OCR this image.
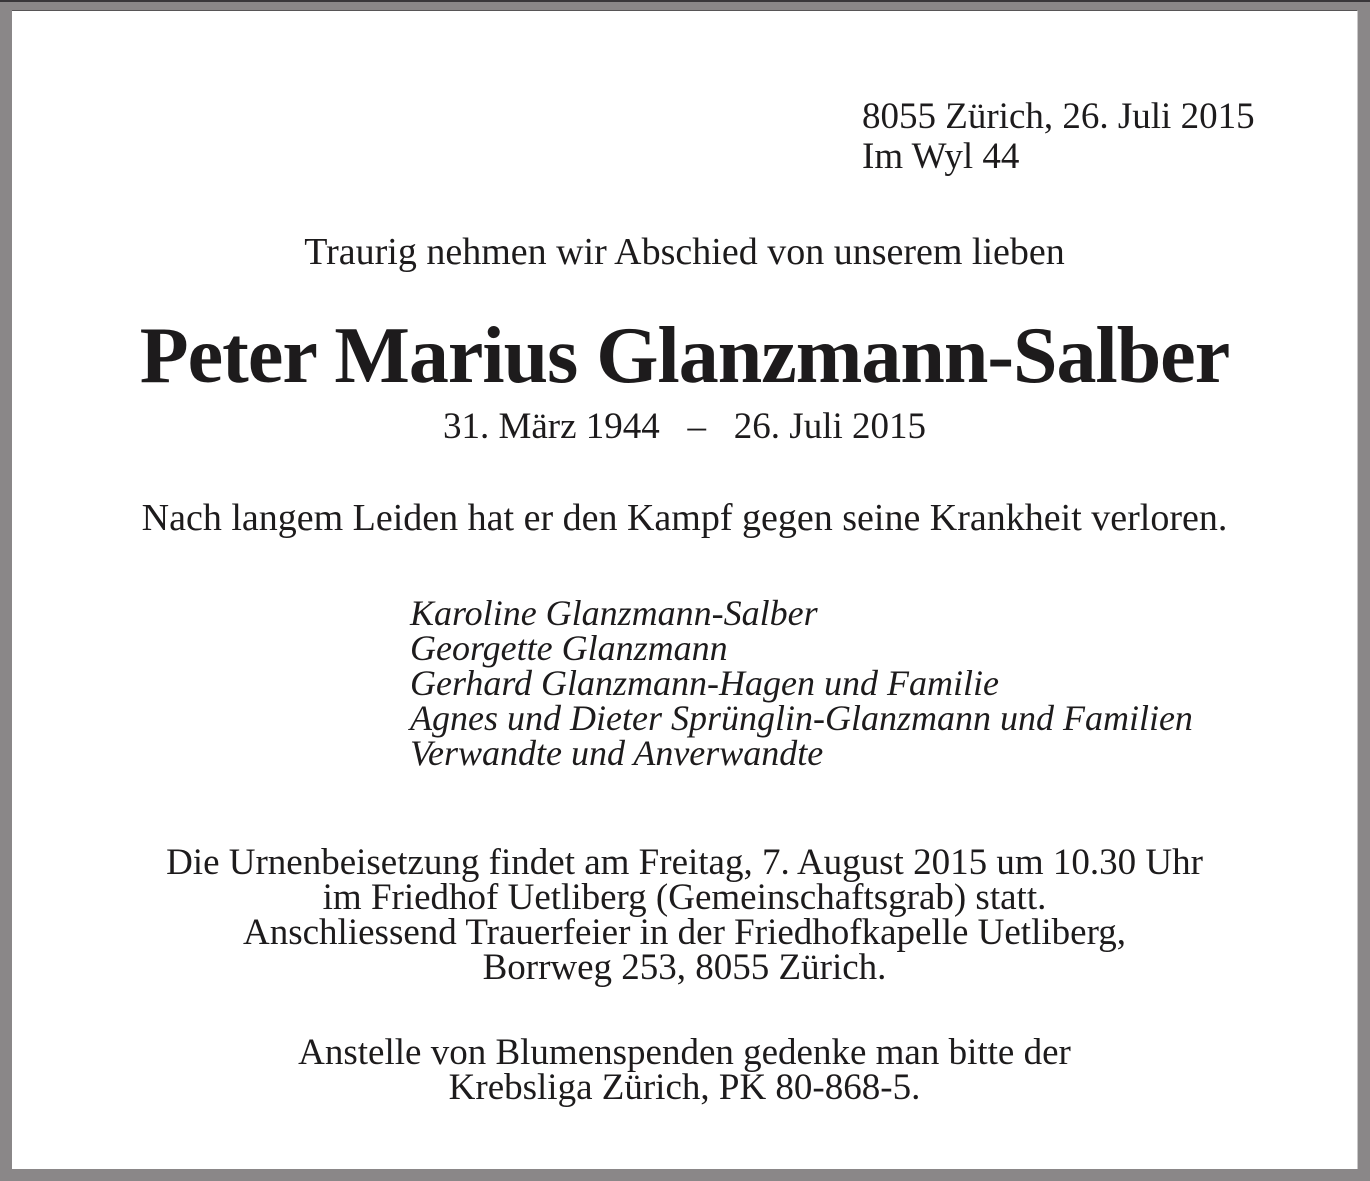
8055 Zürich, 26. Juli 2015
Im Wyl 44
Traurig nehmen wir Abschied von unserem lieben
Peter Marius Glanzmann-Salber
31. März 1944  –  26. Juli 2015
Nach langem Leiden hat er den Kampf gegen seine Krankheit verloren.
Karoline Glanzmann-Salber
Georgette Glanzmann
Gerhard Glanzmann-Hagen und Familie
Agnes und Dieter Sprünglin-Glanzmann und Familien
Verwandte und Anverwandte
Die Urnenbeisetzung findet am Freitag, 7. August 2015 um 10.30 Uhr
im Friedhof Uetliberg (Gemeinschaftsgrab) statt.
Anschliessend Trauerfeier in der Friedhofkapelle Uetliberg,
Borrweg 253, 8055 Zürich.
Anstelle von Blumenspenden gedenke man bitte der
Krebsliga Zürich, PK 80-868-5.
